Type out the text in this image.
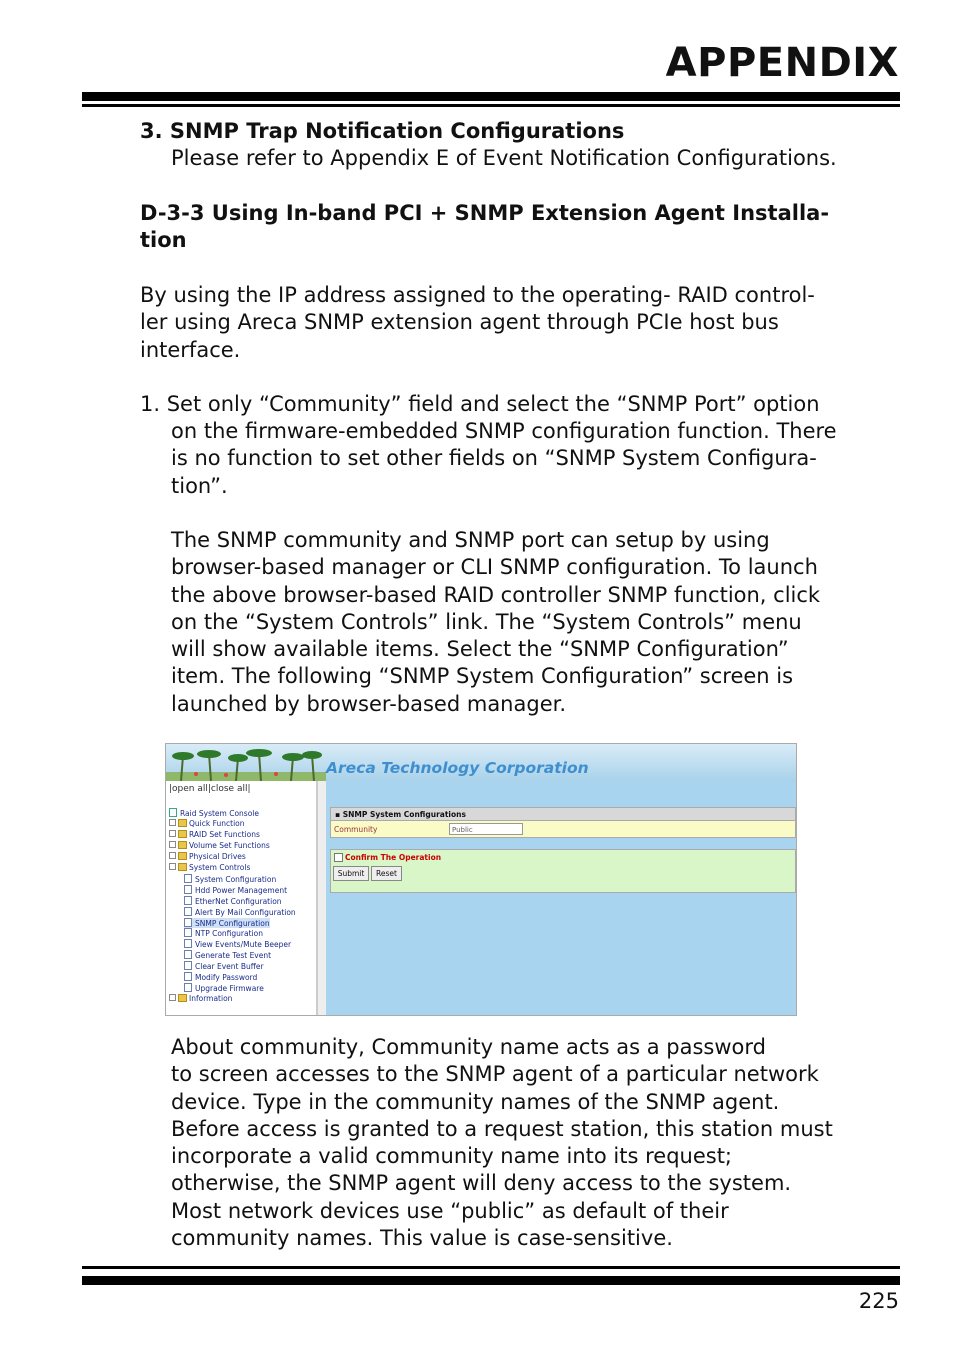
APPENDIX
3. SNMP Trap Notification Configurations
Please refer to Appendix E of Event Notification Configurations.
D-3-3 Using In-band PCI + SNMP Extension Agent Installa-
tion
By using the IP address assigned to the operating- RAID control-
ler using Areca SNMP extension agent through PCIe host bus
interface.
1. Set only “Community” field and select the “SNMP Port” option
on the firmware-embedded SNMP configuration function. There
is no function to set other fields on “SNMP System Configura-
tion”.
The SNMP community and SNMP port can setup by using
browser-based manager or CLI SNMP configuration. To launch
the above browser-based RAID controller SNMP function, click
on the “System Controls” link. The “System Controls” menu
will show available items. Select the “SNMP Configuration”
item. The following “SNMP System Configuration” screen is
launched by browser-based manager.
Areca Technology Corporation
|open all|close all|
Raid System Console
Quick Function
RAID Set Functions
Volume Set Functions
Physical Drives
System Controls
System Configuration
Hdd Power Management
EtherNet Configuration
Alert By Mail Configuration
SNMP Configuration
NTP Configuration
View Events/Mute Beeper
Generate Test Event
Clear Event Buffer
Modify Password
Upgrade Firmware
Information
▪ SNMP System Configurations
Community	Public
Confirm The Operation
Submit	Reset
About community, Community name acts as a password
to screen accesses to the SNMP agent of a particular network
device. Type in the community names of the SNMP agent.
Before access is granted to a request station, this station must
incorporate a valid community name into its request;
otherwise, the SNMP agent will deny access to the system.
Most network devices use “public” as default of their
community names. This value is case-sensitive.
225
